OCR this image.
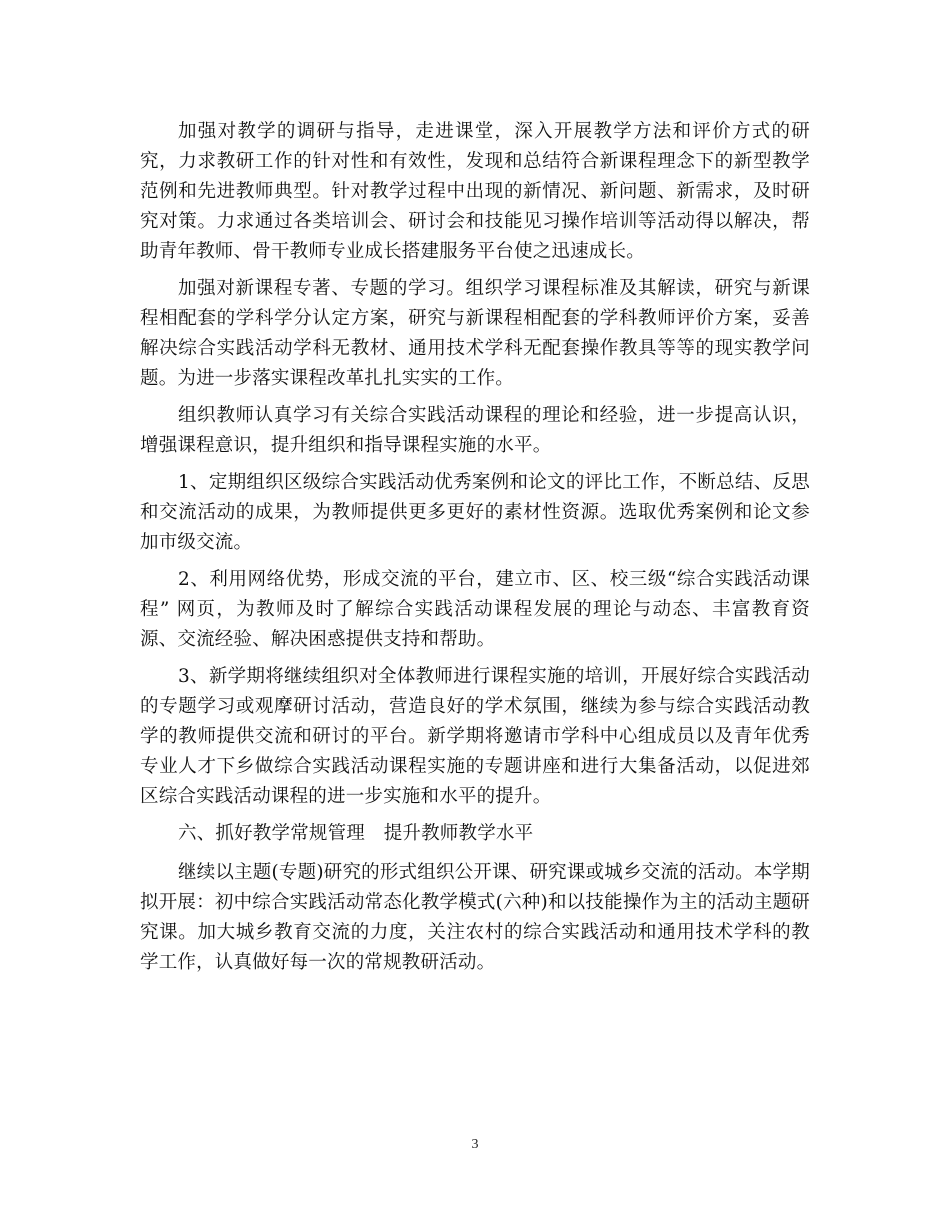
加强对教学的调研与指导，走进课堂，深入开展教学方法和评价方式的研究，力求教研工作的针对性和有效性，发现和总结符合新课程理念下的新型教学范例和先进教师典型。针对教学过程中出现的新情况、新问题、新需求，及时研究对策。力求通过各类培训会、研讨会和技能见习操作培训等活动得以解决，帮助青年教师、骨干教师专业成长搭建服务平台使之迅速成长。

加强对新课程专著、专题的学习。组织学习课程标准及其解读，研究与新课程相配套的学科学分认定方案，研究与新课程相配套的学科教师评价方案，妥善解决综合实践活动学科无教材、通用技术学科无配套操作教具等等的现实教学问题。为进一步落实课程改革扎扎实实的工作。

组织教师认真学习有关综合实践活动课程的理论和经验，进一步提高认识，增强课程意识，提升组织和指导课程实施的水平。

1、定期组织区级综合实践活动优秀案例和论文的评比工作，不断总结、反思和交流活动的成果，为教师提供更多更好的素材性资源。选取优秀案例和论文参加市级交流。

2、利用网络优势，形成交流的平台，建立市、区、校三级“综合实践活动课程” 网页，为教师及时了解综合实践活动课程发展的理论与动态、丰富教育资源、交流经验、解决困惑提供支持和帮助。

3、新学期将继续组织对全体教师进行课程实施的培训，开展好综合实践活动的专题学习或观摩研讨活动，营造良好的学术氛围，继续为参与综合实践活动教学的教师提供交流和研讨的平台。新学期将邀请市学科中心组成员以及青年优秀专业人才下乡做综合实践活动课程实施的专题讲座和进行大集备活动，以促进郊区综合实践活动课程的进一步实施和水平的提升。

六、抓好教学常规管理　提升教师教学水平

继续以主题(专题)研究的形式组织公开课、研究课或城乡交流的活动。本学期拟开展：初中综合实践活动常态化教学模式(六种)和以技能操作为主的活动主题研究课。加大城乡教育交流的力度，关注农村的综合实践活动和通用技术学科的教学工作，认真做好每一次的常规教研活动。

3
